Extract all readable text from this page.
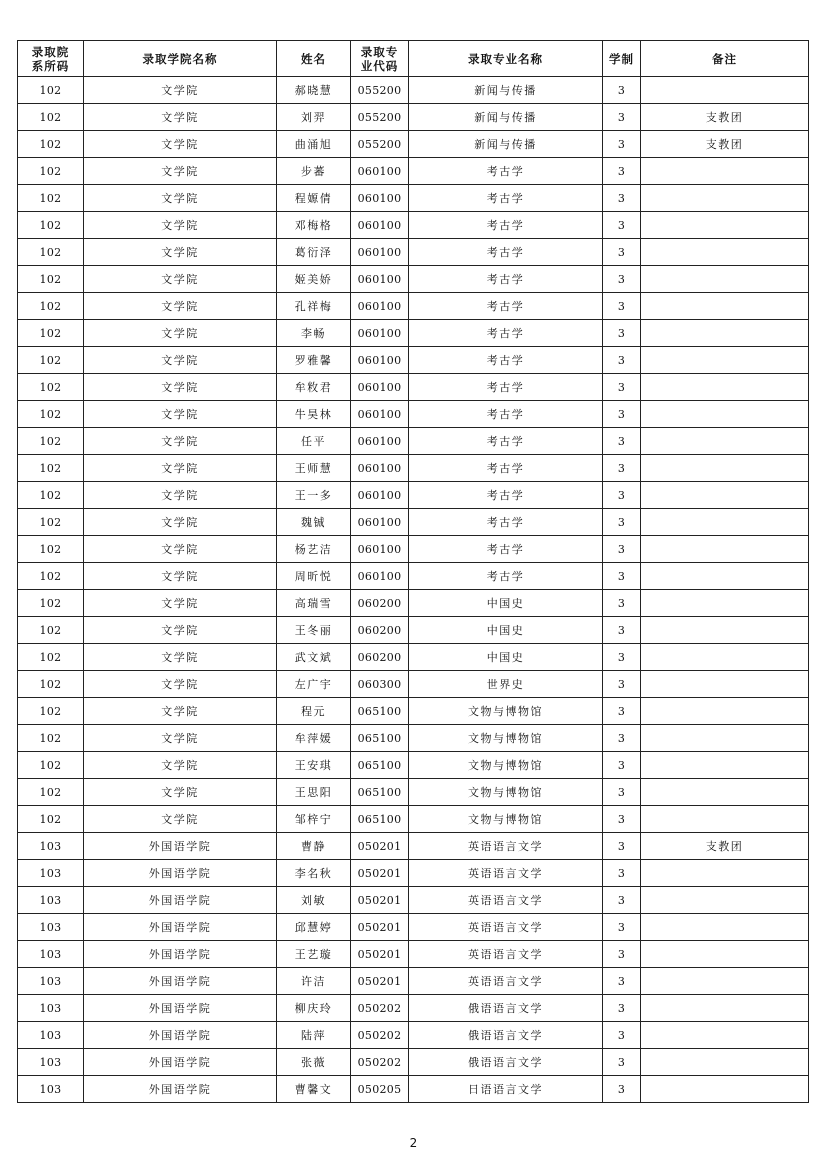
录取院系所码	录取学院名称	姓名	录取专业代码	录取专业名称	学制	备注
102	文学院	郝晓慧	055200	新闻与传播	3	
102	文学院	刘羿	055200	新闻与传播	3	支教团
102	文学院	曲涌旭	055200	新闻与传播	3	支教团
102	文学院	步蕃	060100	考古学	3	
102	文学院	程嫄倩	060100	考古学	3	
102	文学院	邓梅格	060100	考古学	3	
102	文学院	葛衍泽	060100	考古学	3	
102	文学院	姬美娇	060100	考古学	3	
102	文学院	孔祥梅	060100	考古学	3	
102	文学院	李畅	060100	考古学	3	
102	文学院	罗雅馨	060100	考古学	3	
102	文学院	牟敉君	060100	考古学	3	
102	文学院	牛昊林	060100	考古学	3	
102	文学院	任平	060100	考古学	3	
102	文学院	王师慧	060100	考古学	3	
102	文学院	王一多	060100	考古学	3	
102	文学院	魏铖	060100	考古学	3	
102	文学院	杨艺洁	060100	考古学	3	
102	文学院	周昕悦	060100	考古学	3	
102	文学院	高瑞雪	060200	中国史	3	
102	文学院	王冬丽	060200	中国史	3	
102	文学院	武文斌	060200	中国史	3	
102	文学院	左广宇	060300	世界史	3	
102	文学院	程元	065100	文物与博物馆	3	
102	文学院	牟萍媛	065100	文物与博物馆	3	
102	文学院	王安琪	065100	文物与博物馆	3	
102	文学院	王思阳	065100	文物与博物馆	3	
102	文学院	邹梓宁	065100	文物与博物馆	3	
103	外国语学院	曹静	050201	英语语言文学	3	支教团
103	外国语学院	李名秋	050201	英语语言文学	3	
103	外国语学院	刘敏	050201	英语语言文学	3	
103	外国语学院	邱慧婷	050201	英语语言文学	3	
103	外国语学院	王艺璇	050201	英语语言文学	3	
103	外国语学院	许洁	050201	英语语言文学	3	
103	外国语学院	柳庆玲	050202	俄语语言文学	3	
103	外国语学院	陆萍	050202	俄语语言文学	3	
103	外国语学院	张薇	050202	俄语语言文学	3	
103	外国语学院	曹馨文	050205	日语语言文学	3	
2
